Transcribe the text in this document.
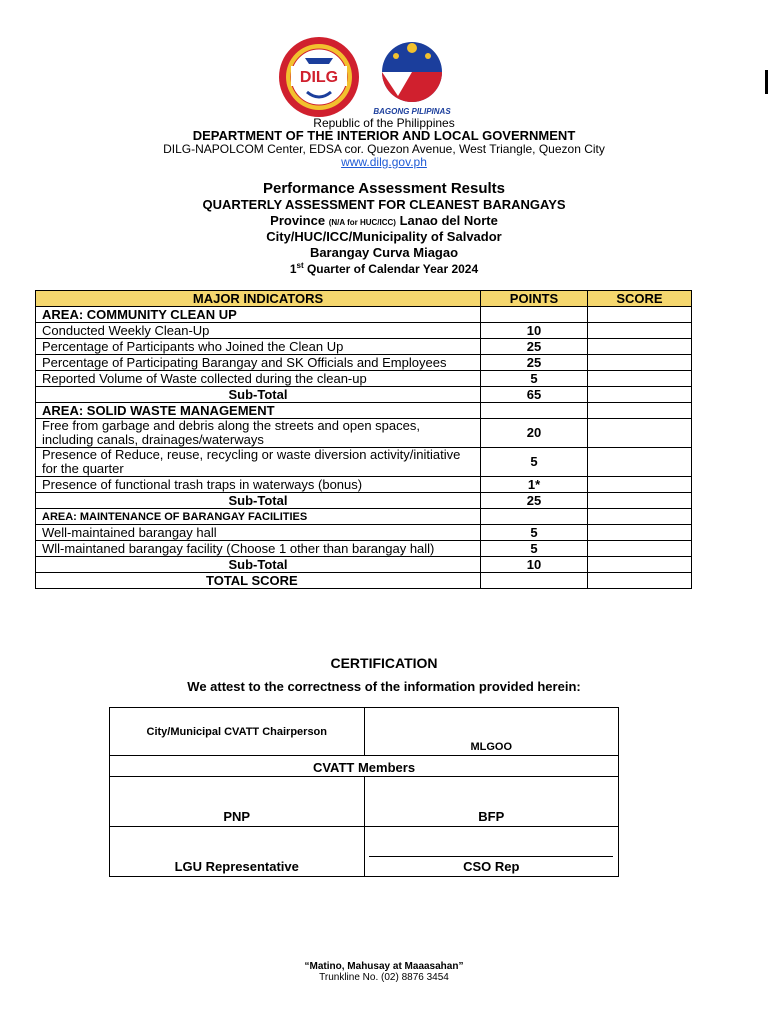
DILG
BAGONG PILIPINAS
Republic of the Philippines
DEPARTMENT OF THE INTERIOR AND LOCAL GOVERNMENT
DILG-NAPOLCOM Center, EDSA cor. Quezon Avenue, West Triangle, Quezon City
www.dilg.gov.ph
Performance Assessment Results
QUARTERLY ASSESSMENT FOR CLEANEST BARANGAYS
Province (N/A for HUC/ICC) Lanao del Norte
City/HUC/ICC/Municipality of Salvador
Barangay Curva Miagao
1st Quarter of Calendar Year 2024
MAJOR INDICATORS	POINTS	SCORE
AREA: COMMUNITY CLEAN UP		
Conducted Weekly Clean-Up	10	
Percentage of Participants who Joined the Clean Up	25	
Percentage of Participating Barangay and SK Officials and Employees	25	
Reported Volume of Waste collected during the clean-up	5	
Sub-Total	65	
AREA: SOLID WASTE MANAGEMENT		
Free from garbage and debris along the streets and open spaces, including canals, drainages/waterways	20	
Presence of Reduce, reuse, recycling or waste diversion activity/initiative for the quarter	5	
Presence of functional trash traps in waterways (bonus)	1*	
Sub-Total	25	
AREA: MAINTENANCE OF BARANGAY FACILITIES		
Well-maintained barangay hall	5	
Wll-maintaned barangay facility (Choose 1 other than barangay hall)	5	
Sub-Total	10	
TOTAL SCORE		
CERTIFICATION
We attest to the correctness of the information provided herein:
City/Municipal CVATT Chairperson	MLGOO
CVATT Members	
PNP	BFP
LGU Representative	CSO Rep
“Matino, Mahusay at Maaasahan”
Trunkline No. (02) 8876 3454
